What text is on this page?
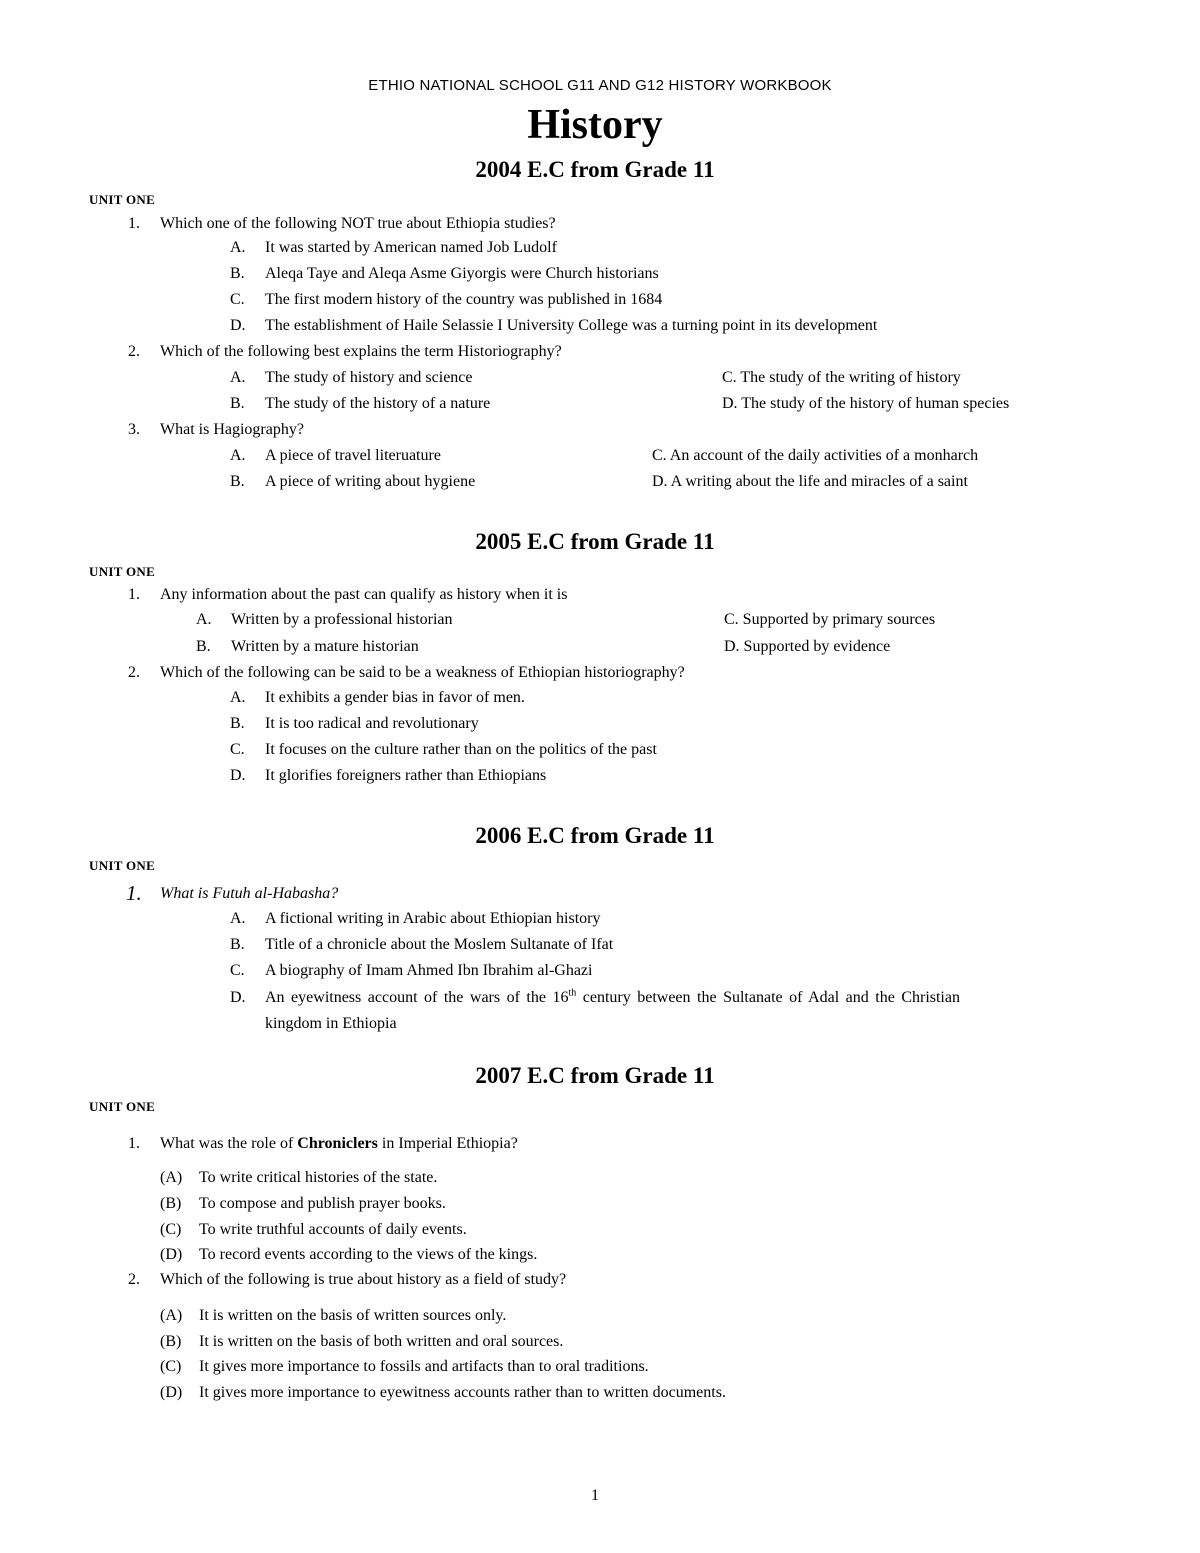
ETHIO NATIONAL SCHOOL G11 AND G12 HISTORY WORKBOOK
History
2004 E.C from Grade 11
UNIT ONE
1. Which one of the following NOT true about Ethiopia studies?
A. It was started by American named Job Ludolf
B. Aleqa Taye and Aleqa Asme Giyorgis were Church historians
C. The first modern history of the country was published in 1684
D. The establishment of Haile Selassie I University College was a turning point in its development
2. Which of the following best explains the term Historiography?
A. The study of history and science	C. The study of the writing of history
B. The study of the history of a nature	D. The study of the history of human species
3. What is Hagiography?
A. A piece of travel literuature	C. An account of the daily activities of a monharch
B. A piece of writing about hygiene	D. A writing about the life and miracles of a saint
2005 E.C from Grade 11
UNIT ONE
1. Any information about the past can qualify as history when it is
A. Written by a professional historian	C. Supported by primary sources
B. Written by a mature historian	D. Supported by evidence
2. Which of the following can be said to be a weakness of Ethiopian historiography?
A. It exhibits a gender bias in favor of men.
B. It is too radical and revolutionary
C. It focuses on the culture rather than on the politics of the past
D. It glorifies foreigners rather than Ethiopians
2006 E.C from Grade 11
UNIT ONE
1. What is Futuh al-Habasha?
A. A fictional writing in Arabic about Ethiopian history
B. Title of a chronicle about the Moslem Sultanate of Ifat
C. A biography of Imam Ahmed Ibn Ibrahim al-Ghazi
D. An eyewitness account of the wars of the 16th century between the Sultanate of Adal and the Christian
kingdom in Ethiopia
2007 E.C from Grade 11
UNIT ONE
1. What was the role of Chroniclers in Imperial Ethiopia?
(A) To write critical histories of the state.
(B) To compose and publish prayer books.
(C) To write truthful accounts of daily events.
(D) To record events according to the views of the kings.
2. Which of the following is true about history as a field of study?
(A) It is written on the basis of written sources only.
(B) It is written on the basis of both written and oral sources.
(C) It gives more importance to fossils and artifacts than to oral traditions.
(D) It gives more importance to eyewitness accounts rather than to written documents.
1
